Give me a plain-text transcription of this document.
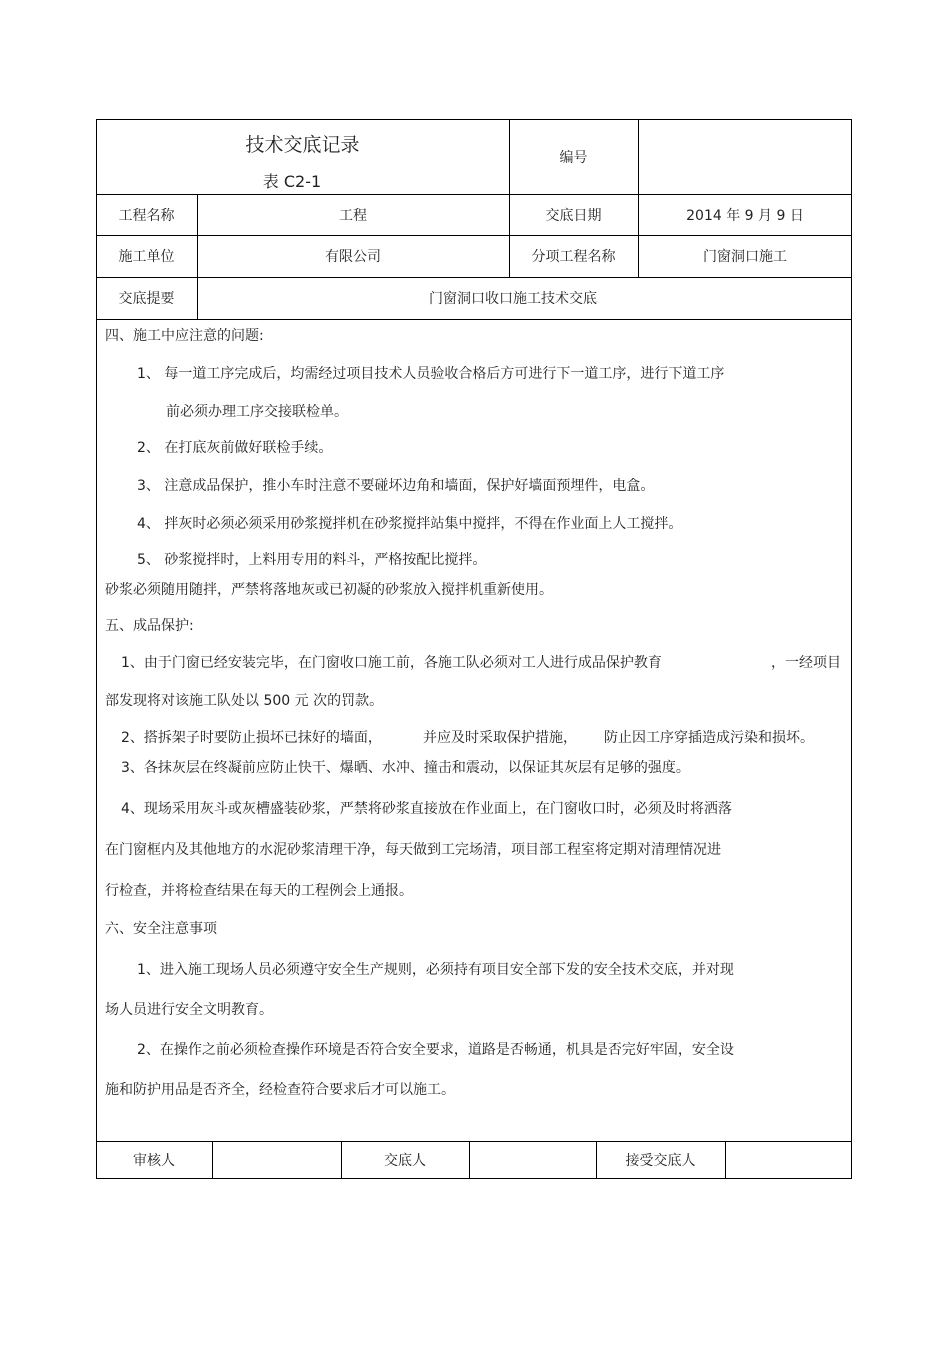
技术交底记录
表 C2-1
编号
工程名称	工程	交底日期	2014 年 9 月 9 日
施工单位	有限公司	分项工程名称	门窗洞口施工
交底提要	门窗洞口收口施工技术交底
四、施工中应注意的问题:
1、 每一道工序完成后，均需经过项目技术人员验收合格后方可进行下一道工序，进行下道工序
前必须办理工序交接联检单。
2、 在打底灰前做好联检手续。
3、 注意成品保护，推小车时注意不要碰坏边角和墙面，保护好墙面预埋件，电盒。
4、 拌灰时必须必须采用砂浆搅拌机在砂浆搅拌站集中搅拌，不得在作业面上人工搅拌。
5、 砂浆搅拌时，上料用专用的料斗，严格按配比搅拌。
砂浆必须随用随拌，严禁将落地灰或已初凝的砂浆放入搅拌机重新使用。
五、成品保护:
1、由于门窗已经安装完毕，在门窗收口施工前，各施工队必须对工人进行成品保护教育	，一经项目
部发现将对该施工队处以 500 元 次的罚款。
2、搭拆架子时要防止损坏已抹好的墙面，	并应及时采取保护措施， 防止因工序穿插造成污染和损坏。
3、各抹灰层在终凝前应防止快干、爆晒、水冲、撞击和震动，以保证其灰层有足够的强度。
4、现场采用灰斗或灰槽盛装砂浆，严禁将砂浆直接放在作业面上，在门窗收口时，必须及时将洒落
在门窗框内及其他地方的水泥砂浆清理干净，每天做到工完场清，项目部工程室将定期对清理情况进
行检查，并将检查结果在每天的工程例会上通报。
六、安全注意事项
1、进入施工现场人员必须遵守安全生产规则，必须持有项目安全部下发的安全技术交底，并对现
场人员进行安全文明教育。
2、在操作之前必须检查操作环境是否符合安全要求，道路是否畅通，机具是否完好牢固，安全设
施和防护用品是否齐全，经检查符合要求后才可以施工。
审核人	交底人	接受交底人
